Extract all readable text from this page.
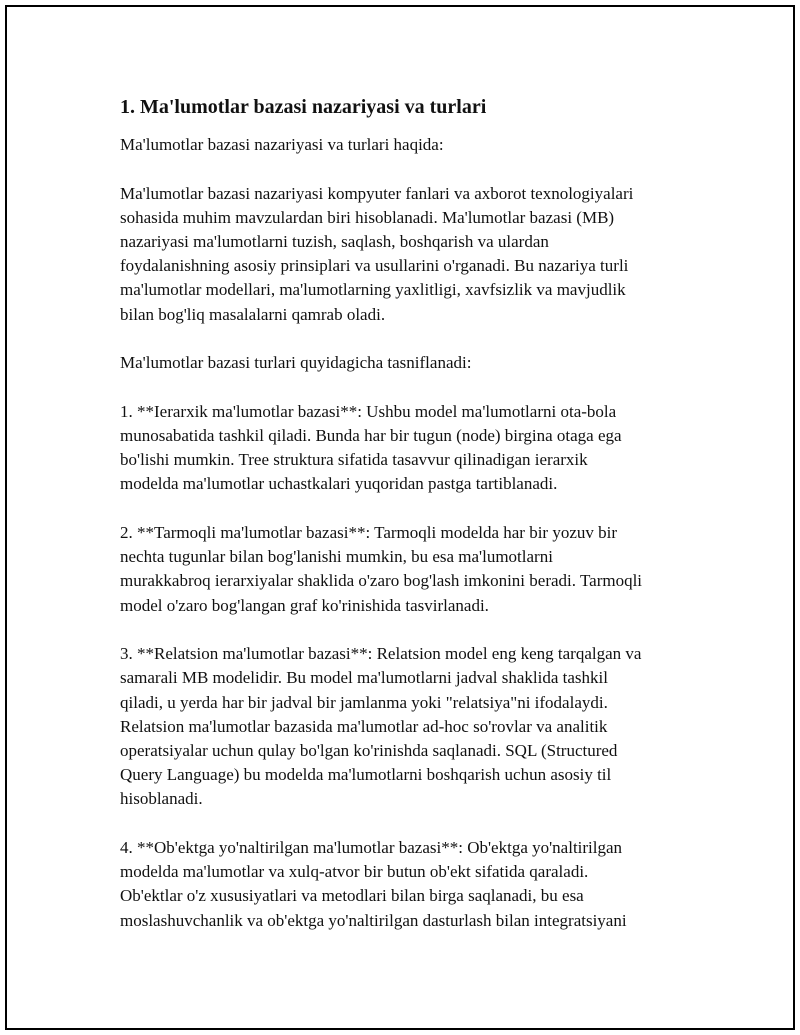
1. Ma'lumotlar bazasi nazariyasi va turlari

Ma'lumotlar bazasi nazariyasi va turlari haqida:

Ma'lumotlar bazasi nazariyasi kompyuter fanlari va axborot texnologiyalari
sohasida muhim mavzulardan biri hisoblanadi. Ma'lumotlar bazasi (MB)
nazariyasi ma'lumotlarni tuzish, saqlash, boshqarish va ulardan
foydalanishning asosiy prinsiplari va usullarini o'rganadi. Bu nazariya turli
ma'lumotlar modellari, ma'lumotlarning yaxlitligi, xavfsizlik va mavjudlik
bilan bog'liq masalalarni qamrab oladi.

Ma'lumotlar bazasi turlari quyidagicha tasniflanadi:

1. **Ierarxik ma'lumotlar bazasi**: Ushbu model ma'lumotlarni ota-bola
munosabatida tashkil qiladi. Bunda har bir tugun (node) birgina otaga ega
bo'lishi mumkin. Tree struktura sifatida tasavvur qilinadigan ierarxik
modelda ma'lumotlar uchastkalari yuqoridan pastga tartiblanadi.

2. **Tarmoqli ma'lumotlar bazasi**: Tarmoqli modelda har bir yozuv bir
nechta tugunlar bilan bog'lanishi mumkin, bu esa ma'lumotlarni
murakkabroq ierarxiyalar shaklida o'zaro bog'lash imkonini beradi. Tarmoqli
model o'zaro bog'langan graf ko'rinishida tasvirlanadi.

3. **Relatsion ma'lumotlar bazasi**: Relatsion model eng keng tarqalgan va
samarali MB modelidir. Bu model ma'lumotlarni jadval shaklida tashkil
qiladi, u yerda har bir jadval bir jamlanma yoki "relatsiya"ni ifodalaydi.
Relatsion ma'lumotlar bazasida ma'lumotlar ad-hoc so'rovlar va analitik
operatsiyalar uchun qulay bo'lgan ko'rinishda saqlanadi. SQL (Structured
Query Language) bu modelda ma'lumotlarni boshqarish uchun asosiy til
hisoblanadi.

4. **Ob'ektga yo'naltirilgan ma'lumotlar bazasi**: Ob'ektga yo'naltirilgan
modelda ma'lumotlar va xulq-atvor bir butun ob'ekt sifatida qaraladi.
Ob'ektlar o'z xususiyatlari va metodlari bilan birga saqlanadi, bu esa
moslashuvchanlik va ob'ektga yo'naltirilgan dasturlash bilan integratsiyani
